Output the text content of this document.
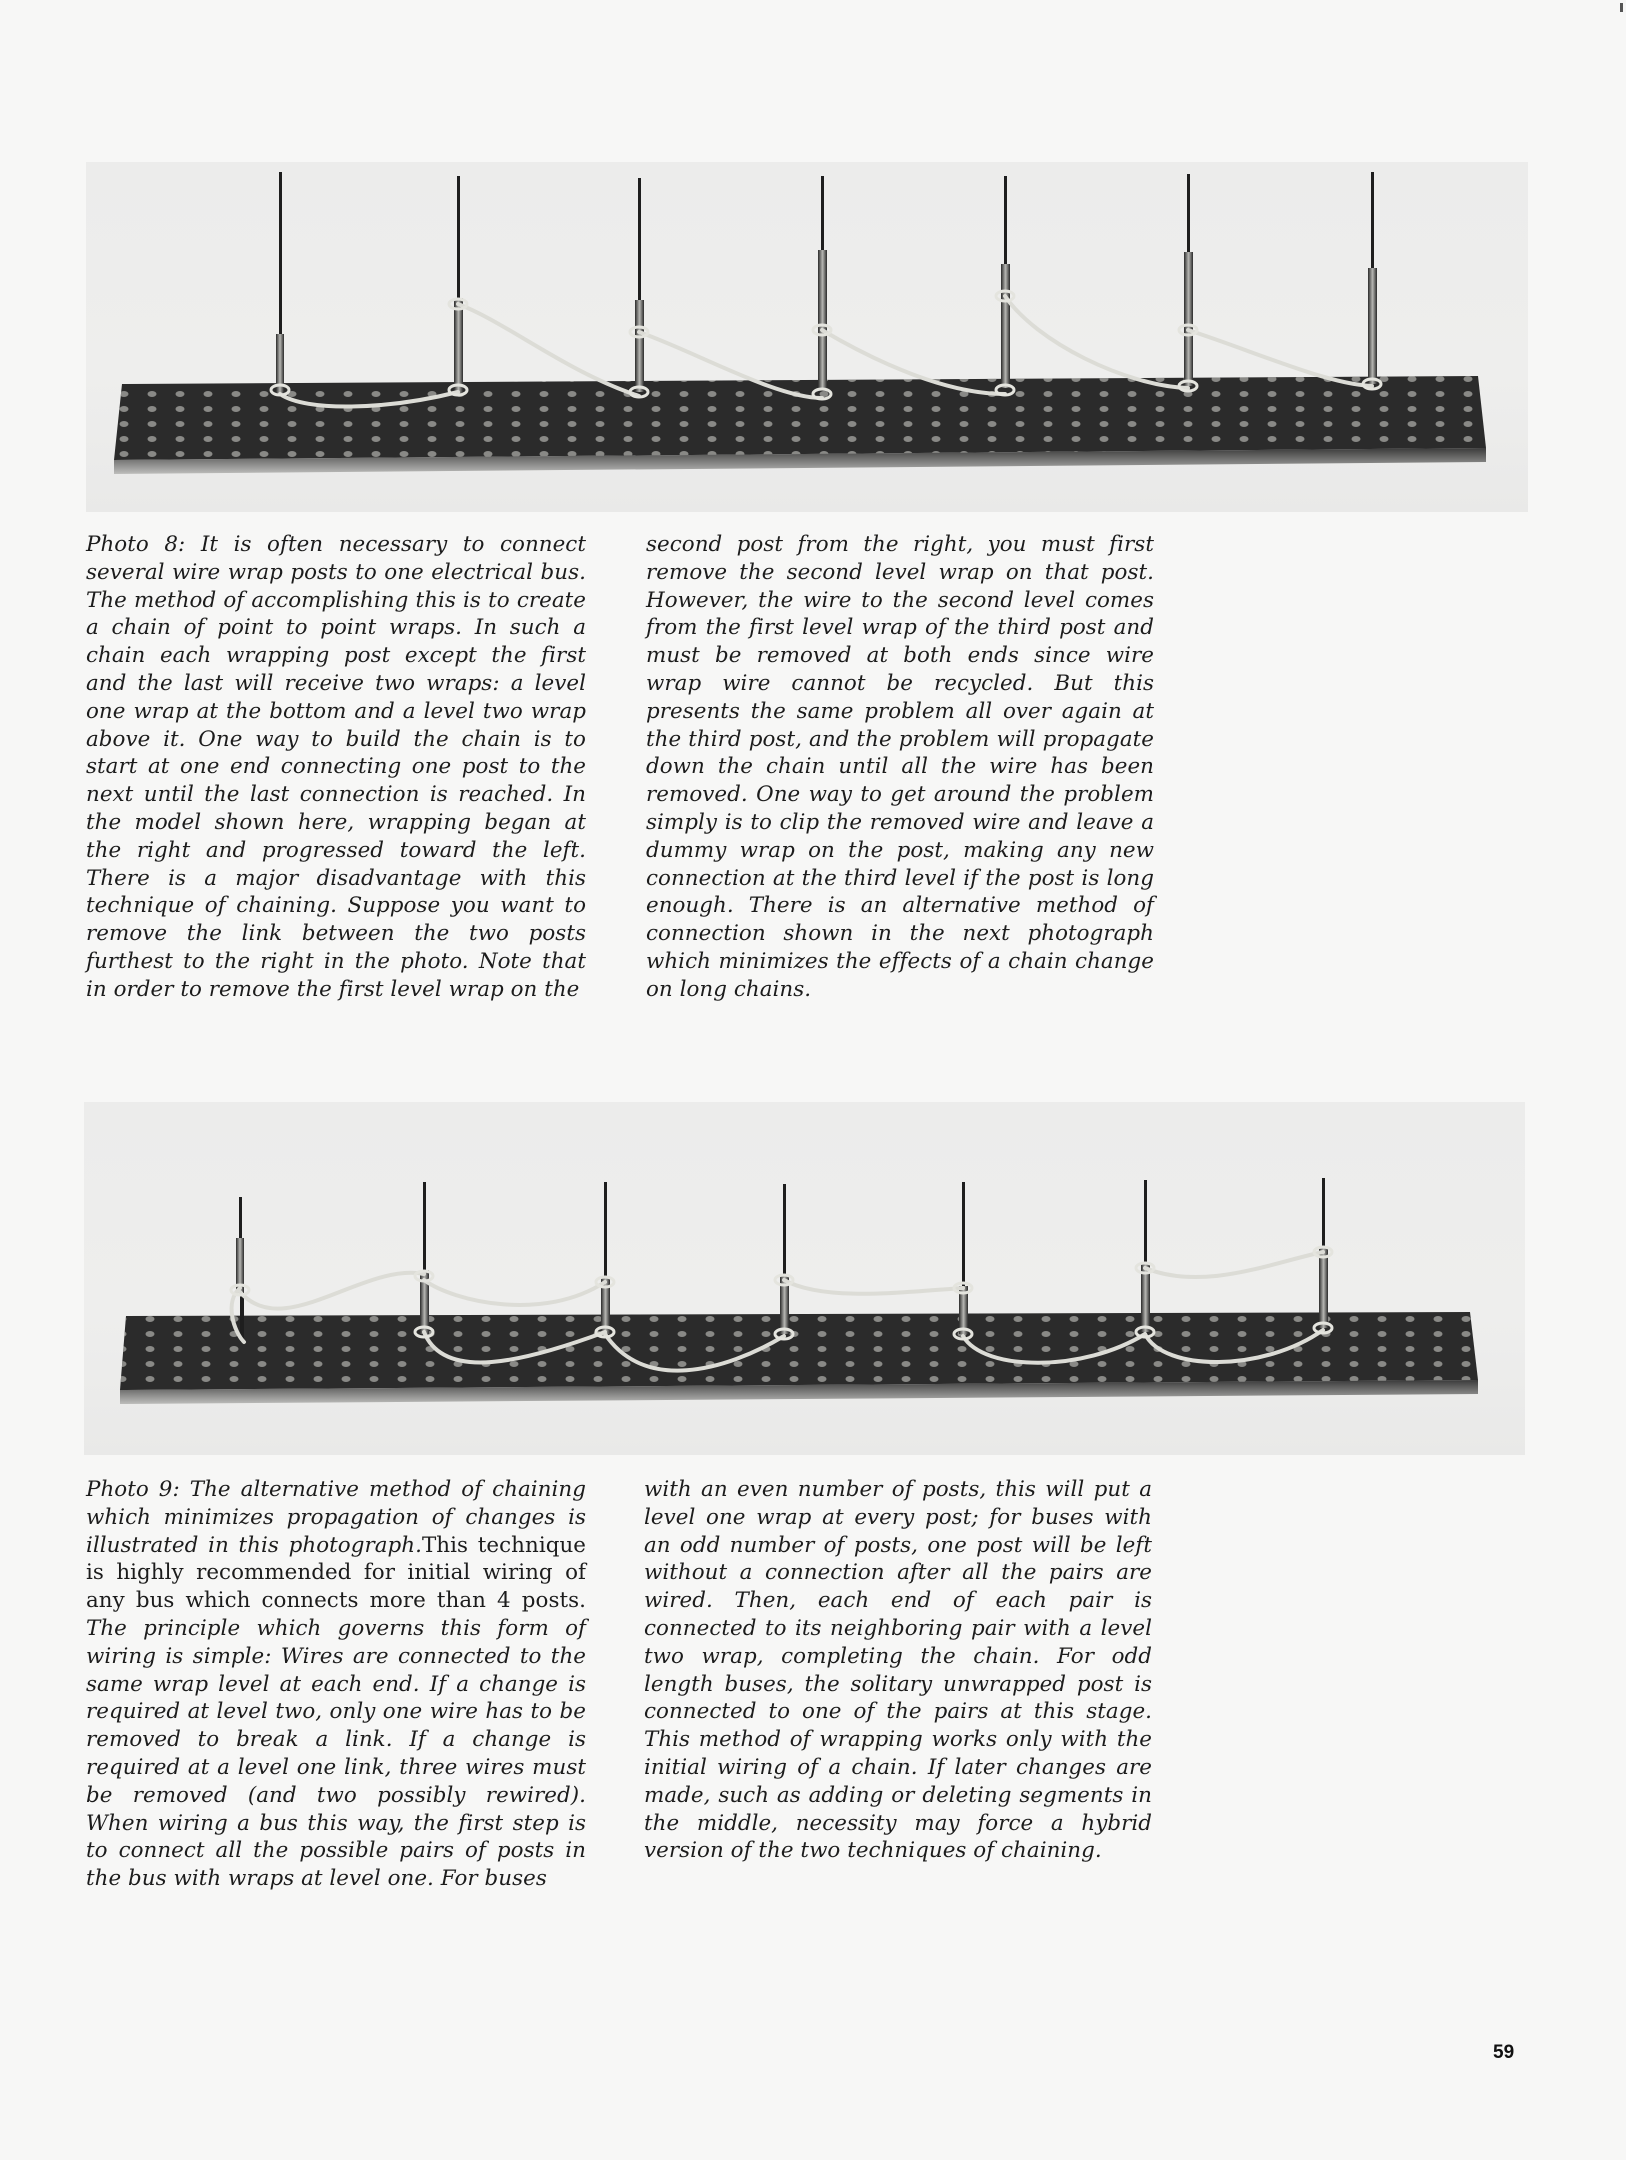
Photo 8: It is often necessary to connect several wire wrap posts to one electrical bus. The method of accomplishing this is to create a chain of point to point wraps. In such a chain each wrapping post except the first and the last will receive two wraps: a level one wrap at the bottom and a level two wrap above it. One way to build the chain is to start at one end connecting one post to the next until the last connection is reached. In the model shown here, wrapping began at the right and progressed toward the left. There is a major disadvantage with this technique of chaining. Suppose you want to remove the link between the two posts furthest to the right in the photo. Note that in order to remove the first level wrap on the

second post from the right, you must first remove the second level wrap on that post. However, the wire to the second level comes from the first level wrap of the third post and must be removed at both ends since wire wrap wire cannot be recycled. But this presents the same problem all over again at the third post, and the problem will propagate down the chain until all the wire has been removed. One way to get around the problem simply is to clip the removed wire and leave a dummy wrap on the post, making any new connection at the third level if the post is long enough. There is an alternative method of connection shown in the next photograph which minimizes the effects of a chain change on long chains.

Photo 9: The alternative method of chaining which minimizes propagation of changes is illustrated in this photograph.This technique is highly recommended for initial wiring of any bus which connects more than 4 posts. The principle which governs this form of wiring is simple: Wires are connected to the same wrap level at each end. If a change is required at level two, only one wire has to be removed to break a link. If a change is required at a level one link, three wires must be removed (and two possibly rewired). When wiring a bus this way, the first step is to connect all the possible pairs of posts in the bus with wraps at level one. For buses

with an even number of posts, this will put a level one wrap at every post; for buses with an odd number of posts, one post will be left without a connection after all the pairs are wired. Then, each end of each pair is connected to its neighboring pair with a level two wrap, completing the chain. For odd length buses, the solitary unwrapped post is connected to one of the pairs at this stage. This method of wrapping works only with the initial wiring of a chain. If later changes are made, such as adding or deleting segments in the middle, necessity may force a hybrid version of the two techniques of chaining.

59
